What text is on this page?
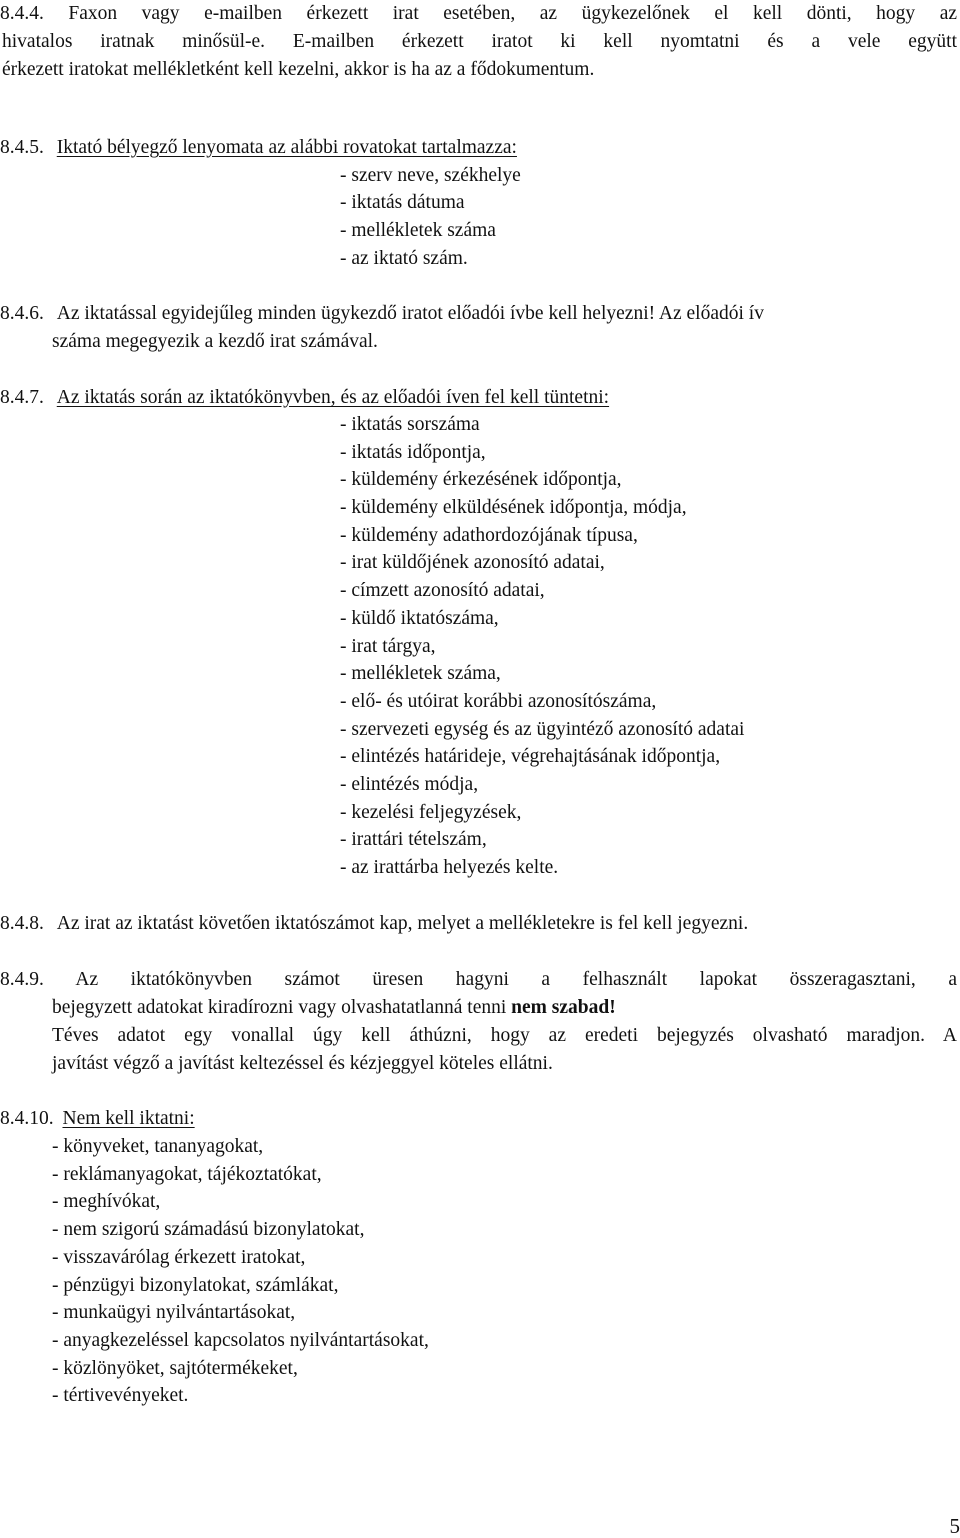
8.4.4. Faxon vagy e-mailben érkezett irat esetében, az ügykezelőnek el kell dönti, hogy az
hivatalos iratnak minősül-e. E-mailben érkezett iratot ki kell nyomtatni és a vele együtt
érkezett iratokat mellékletként kell kezelni, akkor is ha az a fődokumentum.
8.4.5. Iktató bélyegző lenyomata az alábbi rovatokat tartalmazza:
- szerv neve, székhelye
- iktatás dátuma
- mellékletek száma
- az iktató szám.
8.4.6. Az iktatással egyidejűleg minden ügykezdő iratot előadói ívbe kell helyezni! Az előadói ív
száma megegyezik a kezdő irat számával.
8.4.7. Az iktatás során az iktatókönyvben, és az előadói íven fel kell tüntetni:
- iktatás sorszáma
- iktatás időpontja,
- küldemény érkezésének időpontja,
- küldemény elküldésének időpontja, módja,
- küldemény adathordozójának típusa,
- irat küldőjének azonosító adatai,
- címzett azonosító adatai,
- küldő iktatószáma,
- irat tárgya,
- mellékletek száma,
- elő- és utóirat korábbi azonosítószáma,
- szervezeti egység és az ügyintéző azonosító adatai
- elintézés határideje, végrehajtásának időpontja,
- elintézés módja,
- kezelési feljegyzések,
- irattári tételszám,
- az irattárba helyezés kelte.
8.4.8. Az irat az iktatást követően iktatószámot kap, melyet a mellékletekre is fel kell jegyezni.
8.4.9. Az iktatókönyvben számot üresen hagyni a felhasznált lapokat összeragasztani, a
bejegyzett adatokat kiradírozni vagy olvashatatlanná tenni nem szabad!
Téves adatot egy vonallal úgy kell áthúzni, hogy az eredeti bejegyzés olvasható maradjon. A
javítást végző a javítást keltezéssel és kézjeggyel köteles ellátni.
8.4.10. Nem kell iktatni:
- könyveket, tananyagokat,
- reklámanyagokat, tájékoztatókat,
- meghívókat,
- nem szigorú számadású bizonylatokat,
- visszavárólag érkezett iratokat,
- pénzügyi bizonylatokat, számlákat,
- munkaügyi nyilvántartásokat,
- anyagkezeléssel kapcsolatos nyilvántartásokat,
- közlönyöket, sajtótermékeket,
- tértivevényeket.
5
